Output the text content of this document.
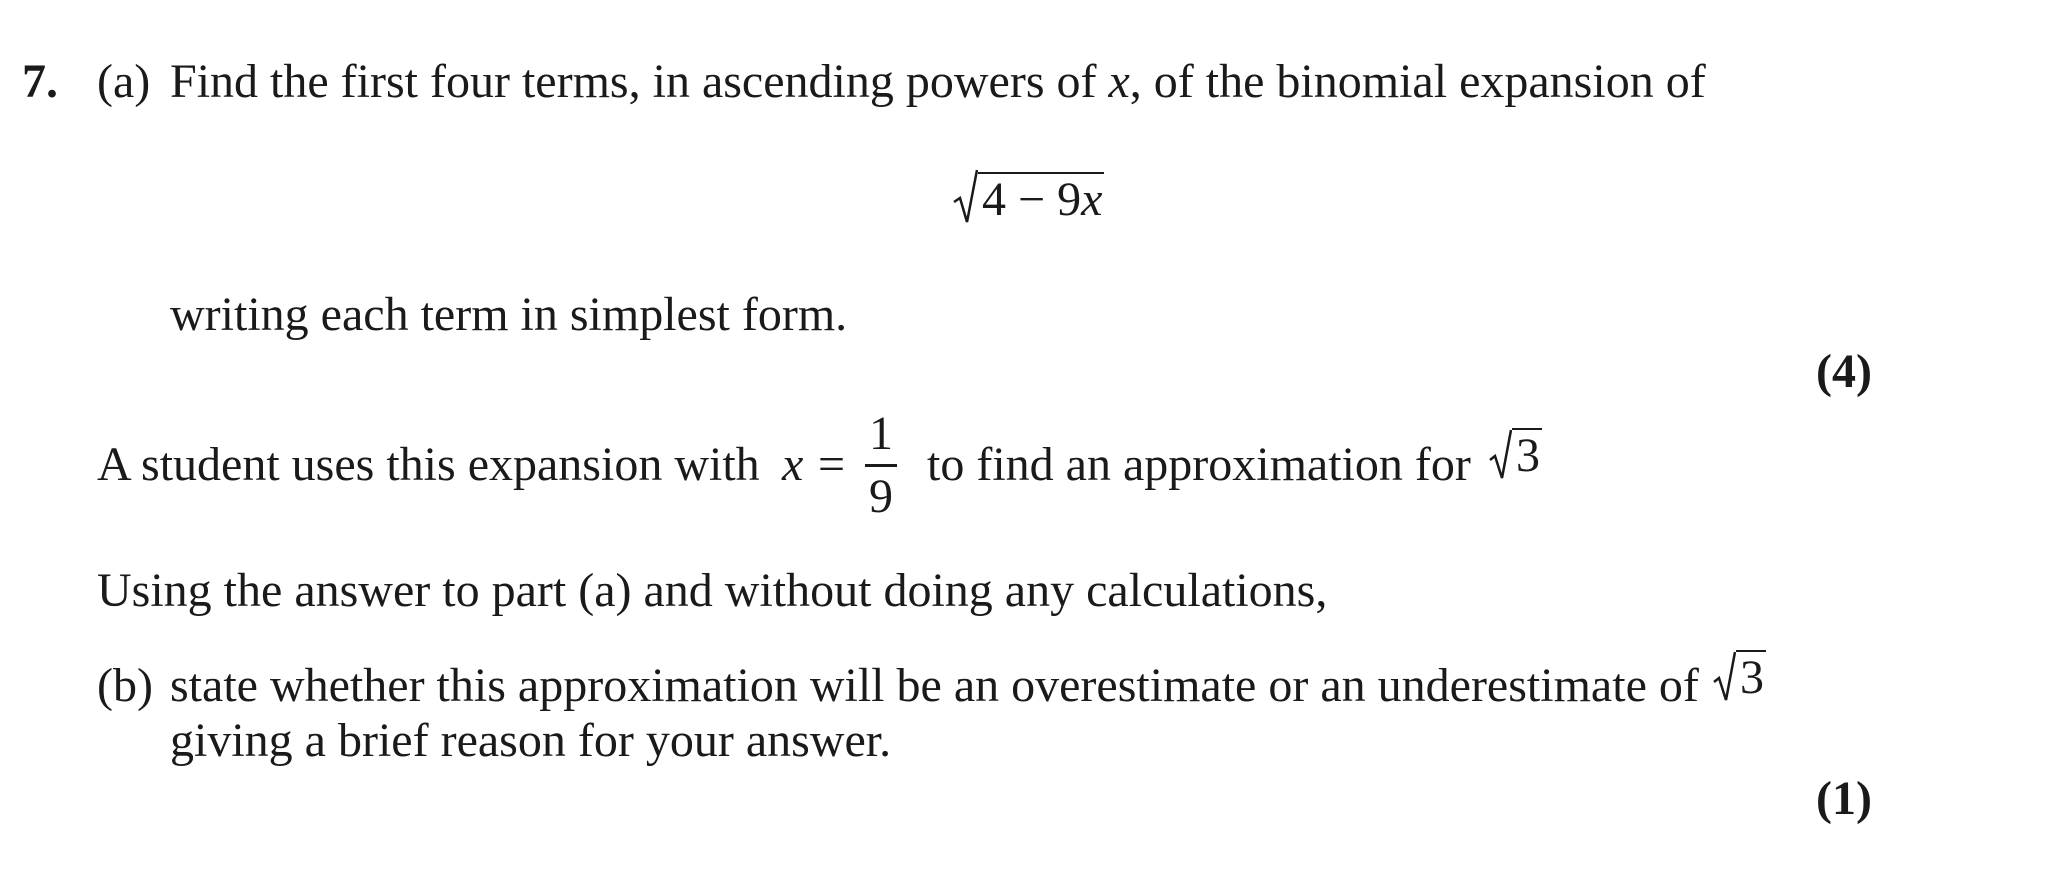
7. (a) Find the first four terms, in ascending powers of x, of the binomial expansion of
4 − 9x
writing each term in simplest form.
(4)
A student uses this expansion with x =
1
9
to find an approximation for 3
Using the answer to part (a) and without doing any calculations,
(b) state whether this approximation will be an overestimate or an underestimate of 3
giving a brief reason for your answer.
(1)
